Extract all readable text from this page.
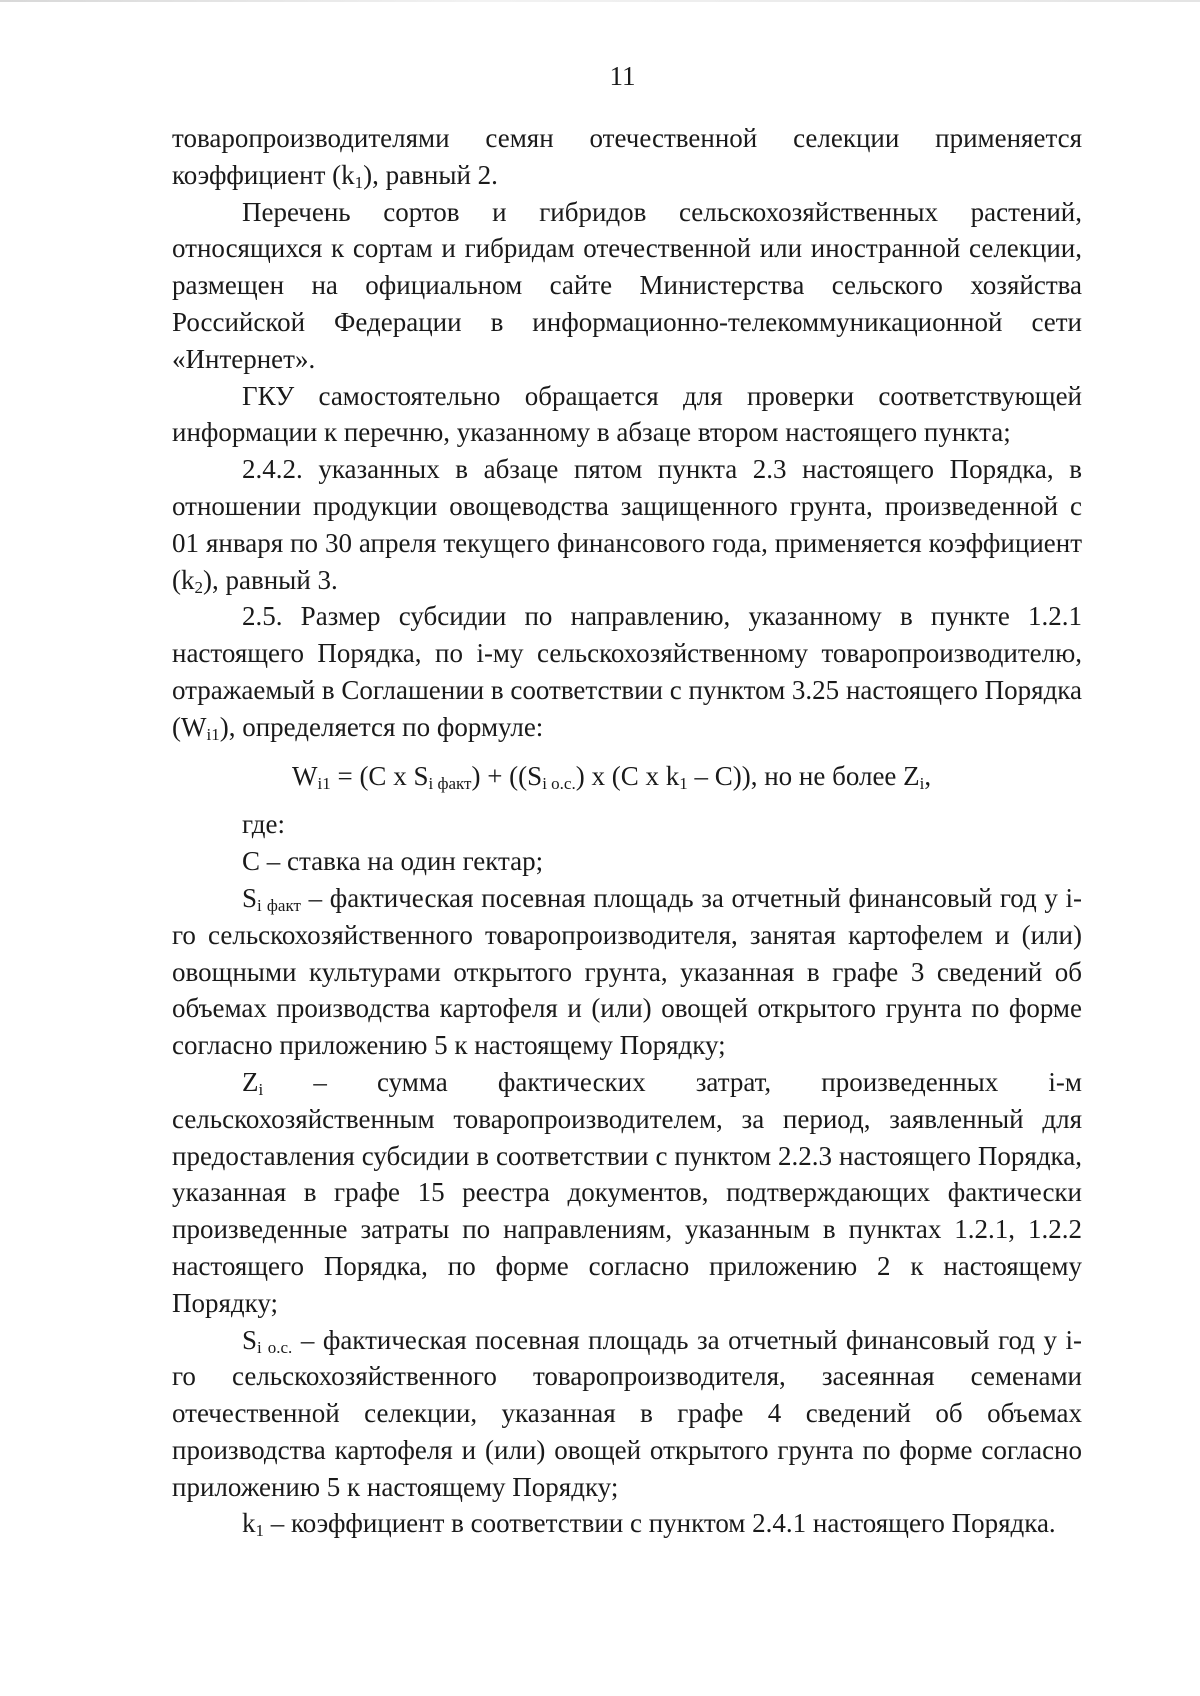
11

товаропроизводителями семян отечественной селекции применяется коэффициент $(k_1)$, равный 2.

Перечень сортов и гибридов сельскохозяйственных растений, относящихся к сортам и гибридам отечественной или иностранной селекции, размещен на официальном сайте Министерства сельского хозяйства Российской Федерации в информационно-телекоммуникационной сети «Интернет».

ГКУ самостоятельно обращается для проверки соответствующей информации к перечню, указанному в абзаце втором настоящего пункта;

2.4.2. указанных в абзаце пятом пункта 2.3 настоящего Порядка, в отношении продукции овощеводства защищенного грунта, произведенной с 01 января по 30 апреля текущего финансового года, применяется коэффициент $(k_2)$, равный 3.

2.5. Размер субсидии по направлению, указанному в пункте 1.2.1 настоящего Порядка, по i-му сельскохозяйственному товаропроизводителю, отражаемый в Соглашении в соответствии с пунктом 3.25 настоящего Порядка $(W_{i1})$, определяется по формуле:

$W_{i1} = (C$ x $S_{i факт}) + ((S_{i о.с.})$ x (C x $k_1 - C$)), но не более $Z_i$,

где:

C – ставка на один гектар;

$S_{i факт}$ – фактическая посевная площадь за отчетный финансовый год у i-го сельскохозяйственного товаропроизводителя, занятая картофелем и (или) овощными культурами открытого грунта, указанная в графе 3 сведений об объемах производства картофеля и (или) овощей открытого грунта по форме согласно приложению 5 к настоящему Порядку;

$Z_i$ – сумма фактических затрат, произведенных i-м сельскохозяйственным товаропроизводителем, за период, заявленный для предоставления субсидии в соответствии с пунктом 2.2.3 настоящего Порядка, указанная в графе 15 реестра документов, подтверждающих фактически произведенные затраты по направлениям, указанным в пунктах 1.2.1, 1.2.2 настоящего Порядка, по форме согласно приложению 2 к настоящему Порядку;

$S_{i о.с.}$ – фактическая посевная площадь за отчетный финансовый год у i-го сельскохозяйственного товаропроизводителя, засеянная семенами отечественной селекции, указанная в графе 4 сведений об объемах производства картофеля и (или) овощей открытого грунта по форме согласно приложению 5 к настоящему Порядку;

$k_1$ – коэффициент в соответствии с пунктом 2.4.1 настоящего Порядка.
